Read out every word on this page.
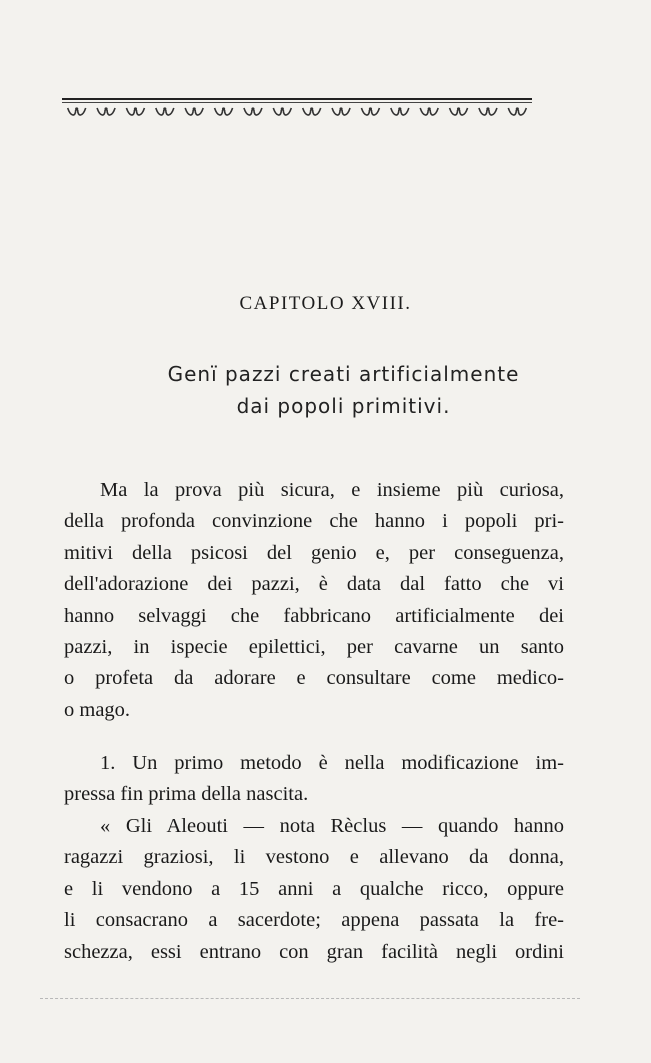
CAPITOLO XVIII.
Genï pazzi creati artificialmente
dai popoli primitivi.
Ma la prova più sicura, e insieme più curiosa,
della profonda convinzione che hanno i popoli pri-
mitivi della psicosi del genio e, per conseguenza,
dell'adorazione dei pazzi, è data dal fatto che vi
hanno selvaggi che fabbricano artificialmente dei
pazzi, in ispecie epilettici, per cavarne un santo
o profeta da adorare e consultare come medico-
o mago.
1. Un primo metodo è nella modificazione im-
pressa fin prima della nascita.
« Gli Aleouti — nota Rèclus — quando hanno
ragazzi graziosi, li vestono e allevano da donna,
e li vendono a 15 anni a qualche ricco, oppure
li consacrano a sacerdote; appena passata la fre-
schezza, essi entrano con gran facilità negli ordini
